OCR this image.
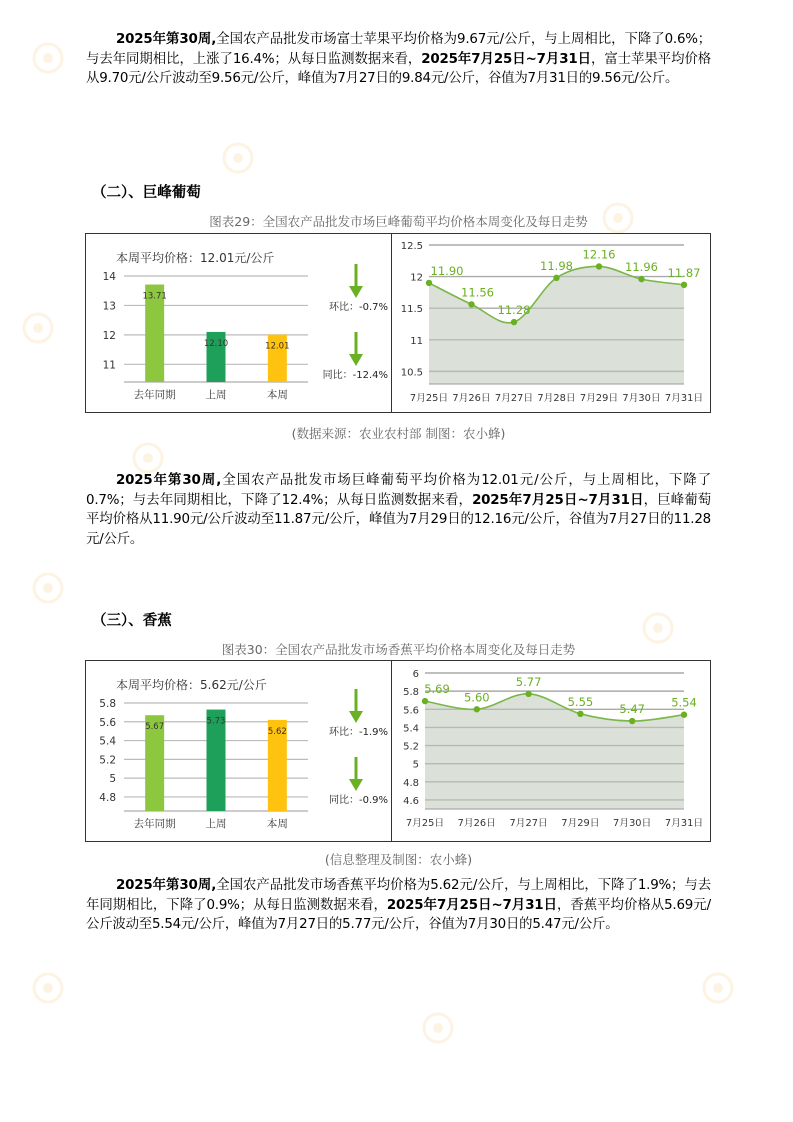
2025年第30周,全国农产品批发市场富士苹果平均价格为9.67元/公斤，与上周相比，下降了0.6%；与去年同期相比，上涨了16.4%；从每日监测数据来看，2025年7月25日~7月31日，富士苹果平均价格从9.70元/公斤波动至9.56元/公斤，峰值为7月27日的9.84元/公斤，谷值为7月31日的9.56元/公斤。

（二）、巨峰葡萄
图表29：全国农产品批发市场巨峰葡萄平均价格本周变化及每日走势
本周平均价格：12.01元/公斤
14
13
12
11
13.71
去年同期
12.10
上周
12.01
本周
环比：-0.7%
同比：-12.4%
12.5
12
11.5
11
10.5
11.90
7月25日
11.56
7月26日
11.28
7月27日
11.98
7月28日
12.16
7月29日
11.96
7月30日
11.87
7月31日
(数据来源：农业农村部 制图：农小蜂)

2025年第30周,全国农产品批发市场巨峰葡萄平均价格为12.01元/公斤，与上周相比，下降了0.7%；与去年同期相比，下降了12.4%；从每日监测数据来看，2025年7月25日~7月31日，巨峰葡萄平均价格从11.90元/公斤波动至11.87元/公斤，峰值为7月29日的12.16元/公斤，谷值为7月27日的11.28元/公斤。

（三）、香蕉
图表30：全国农产品批发市场香蕉平均价格本周变化及每日走势
本周平均价格：5.62元/公斤
5.8
5.6
5.4
5.2
5
4.8
5.67
去年同期
5.73
上周
5.62
本周
环比：-1.9%
同比：-0.9%
6
5.8
5.6
5.4
5.2
5
4.8
4.6
5.69
7月25日
5.60
7月26日
5.77
7月27日
5.55
7月29日
5.47
7月30日
5.54
7月31日
(信息整理及制图：农小蜂)

2025年第30周,全国农产品批发市场香蕉平均价格为5.62元/公斤，与上周相比，下降了1.9%；与去年同期相比，下降了0.9%；从每日监测数据来看，2025年7月25日~7月31日，香蕉平均价格从5.69元/公斤波动至5.54元/公斤，峰值为7月27日的5.77元/公斤，谷值为7月30日的5.47元/公斤。
